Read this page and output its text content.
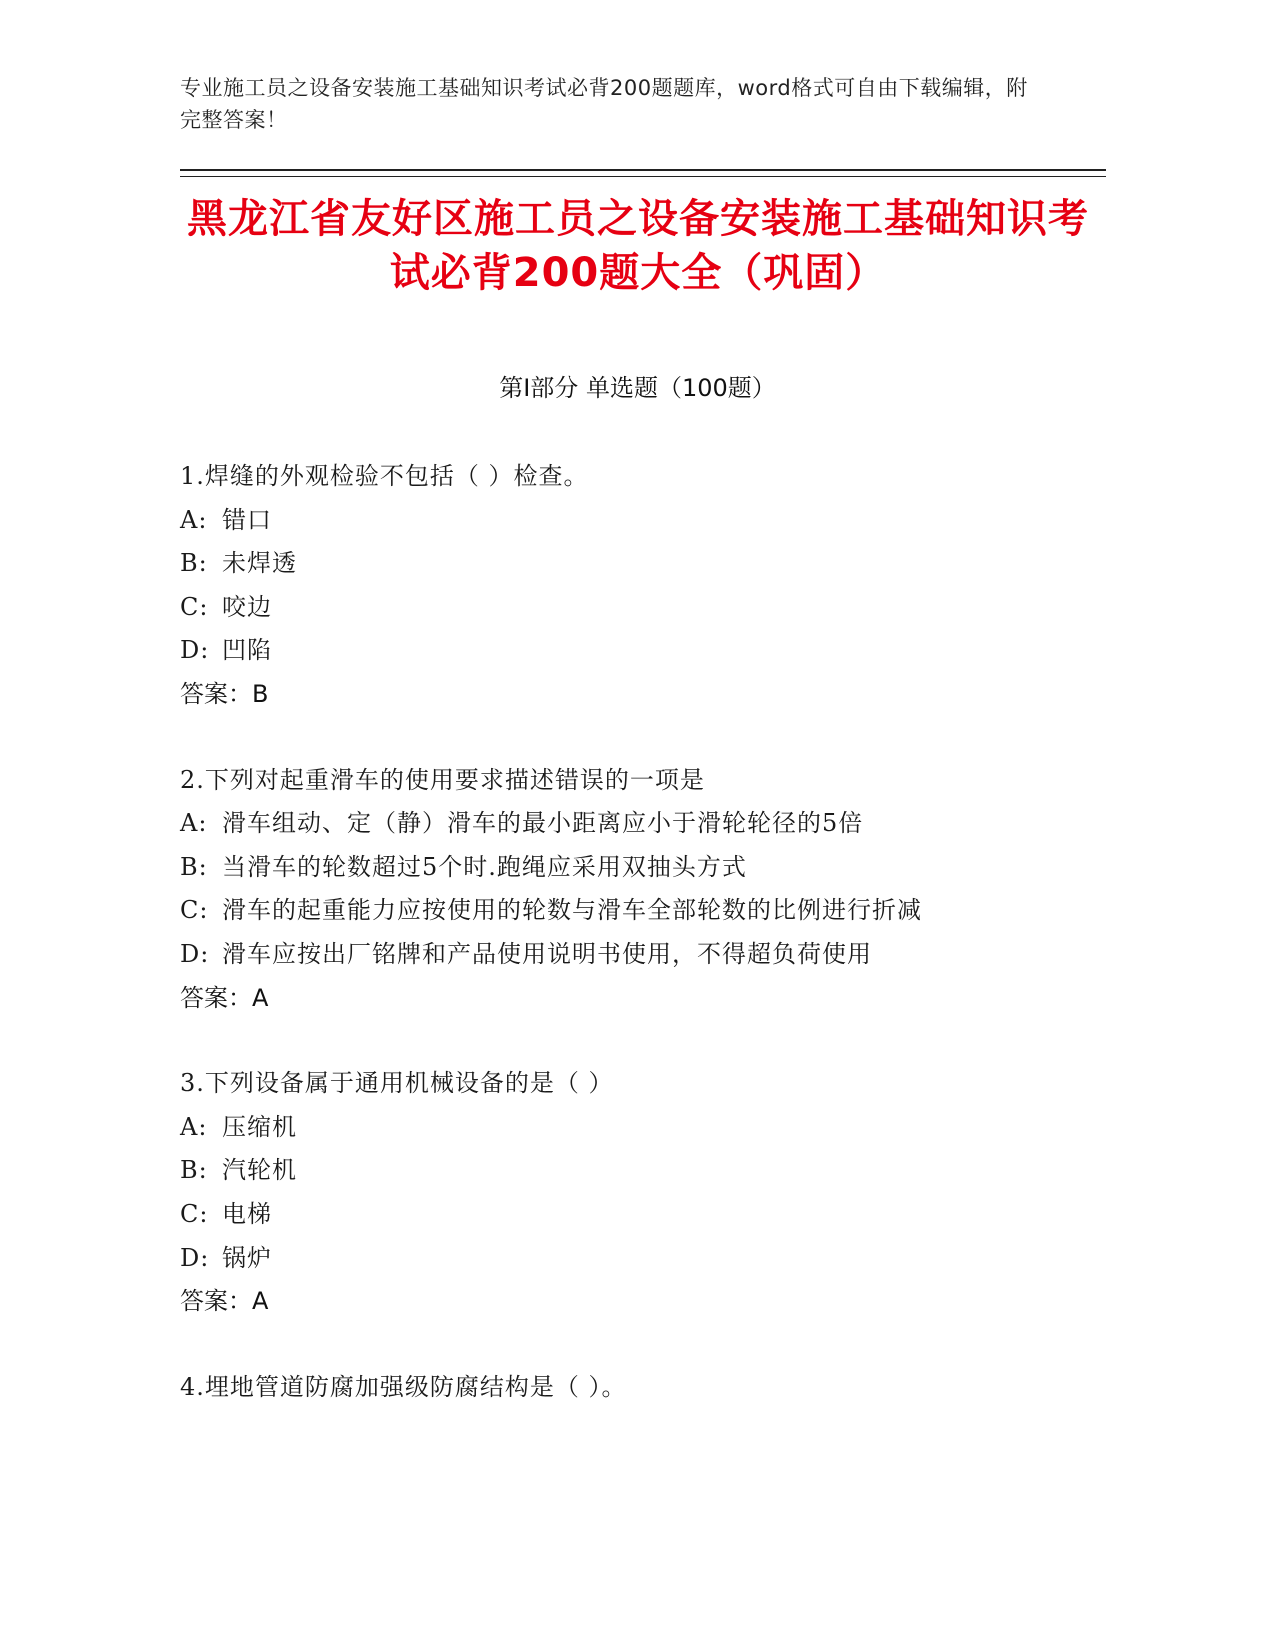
专业施工员之设备安装施工基础知识考试必背200题题库，word格式可自由下载编辑，附完整答案！
黑龙江省友好区施工员之设备安装施工基础知识考试必背200题大全（巩固）
第I部分 单选题（100题）
1.焊缝的外观检验不包括（ ）检查。
A: 错口
B: 未焊透
C: 咬边
D: 凹陷
答案：B
2.下列对起重滑车的使用要求描述错误的一项是
A: 滑车组动、定（静）滑车的最小距离应小于滑轮轮径的5倍
B: 当滑车的轮数超过5个时.跑绳应采用双抽头方式
C: 滑车的起重能力应按使用的轮数与滑车全部轮数的比例进行折减
D: 滑车应按出厂铭牌和产品使用说明书使用，不得超负荷使用
答案：A
3.下列设备属于通用机械设备的是（ ）
A: 压缩机
B: 汽轮机
C: 电梯
D: 锅炉
答案：A
4.埋地管道防腐加强级防腐结构是（ ）。
